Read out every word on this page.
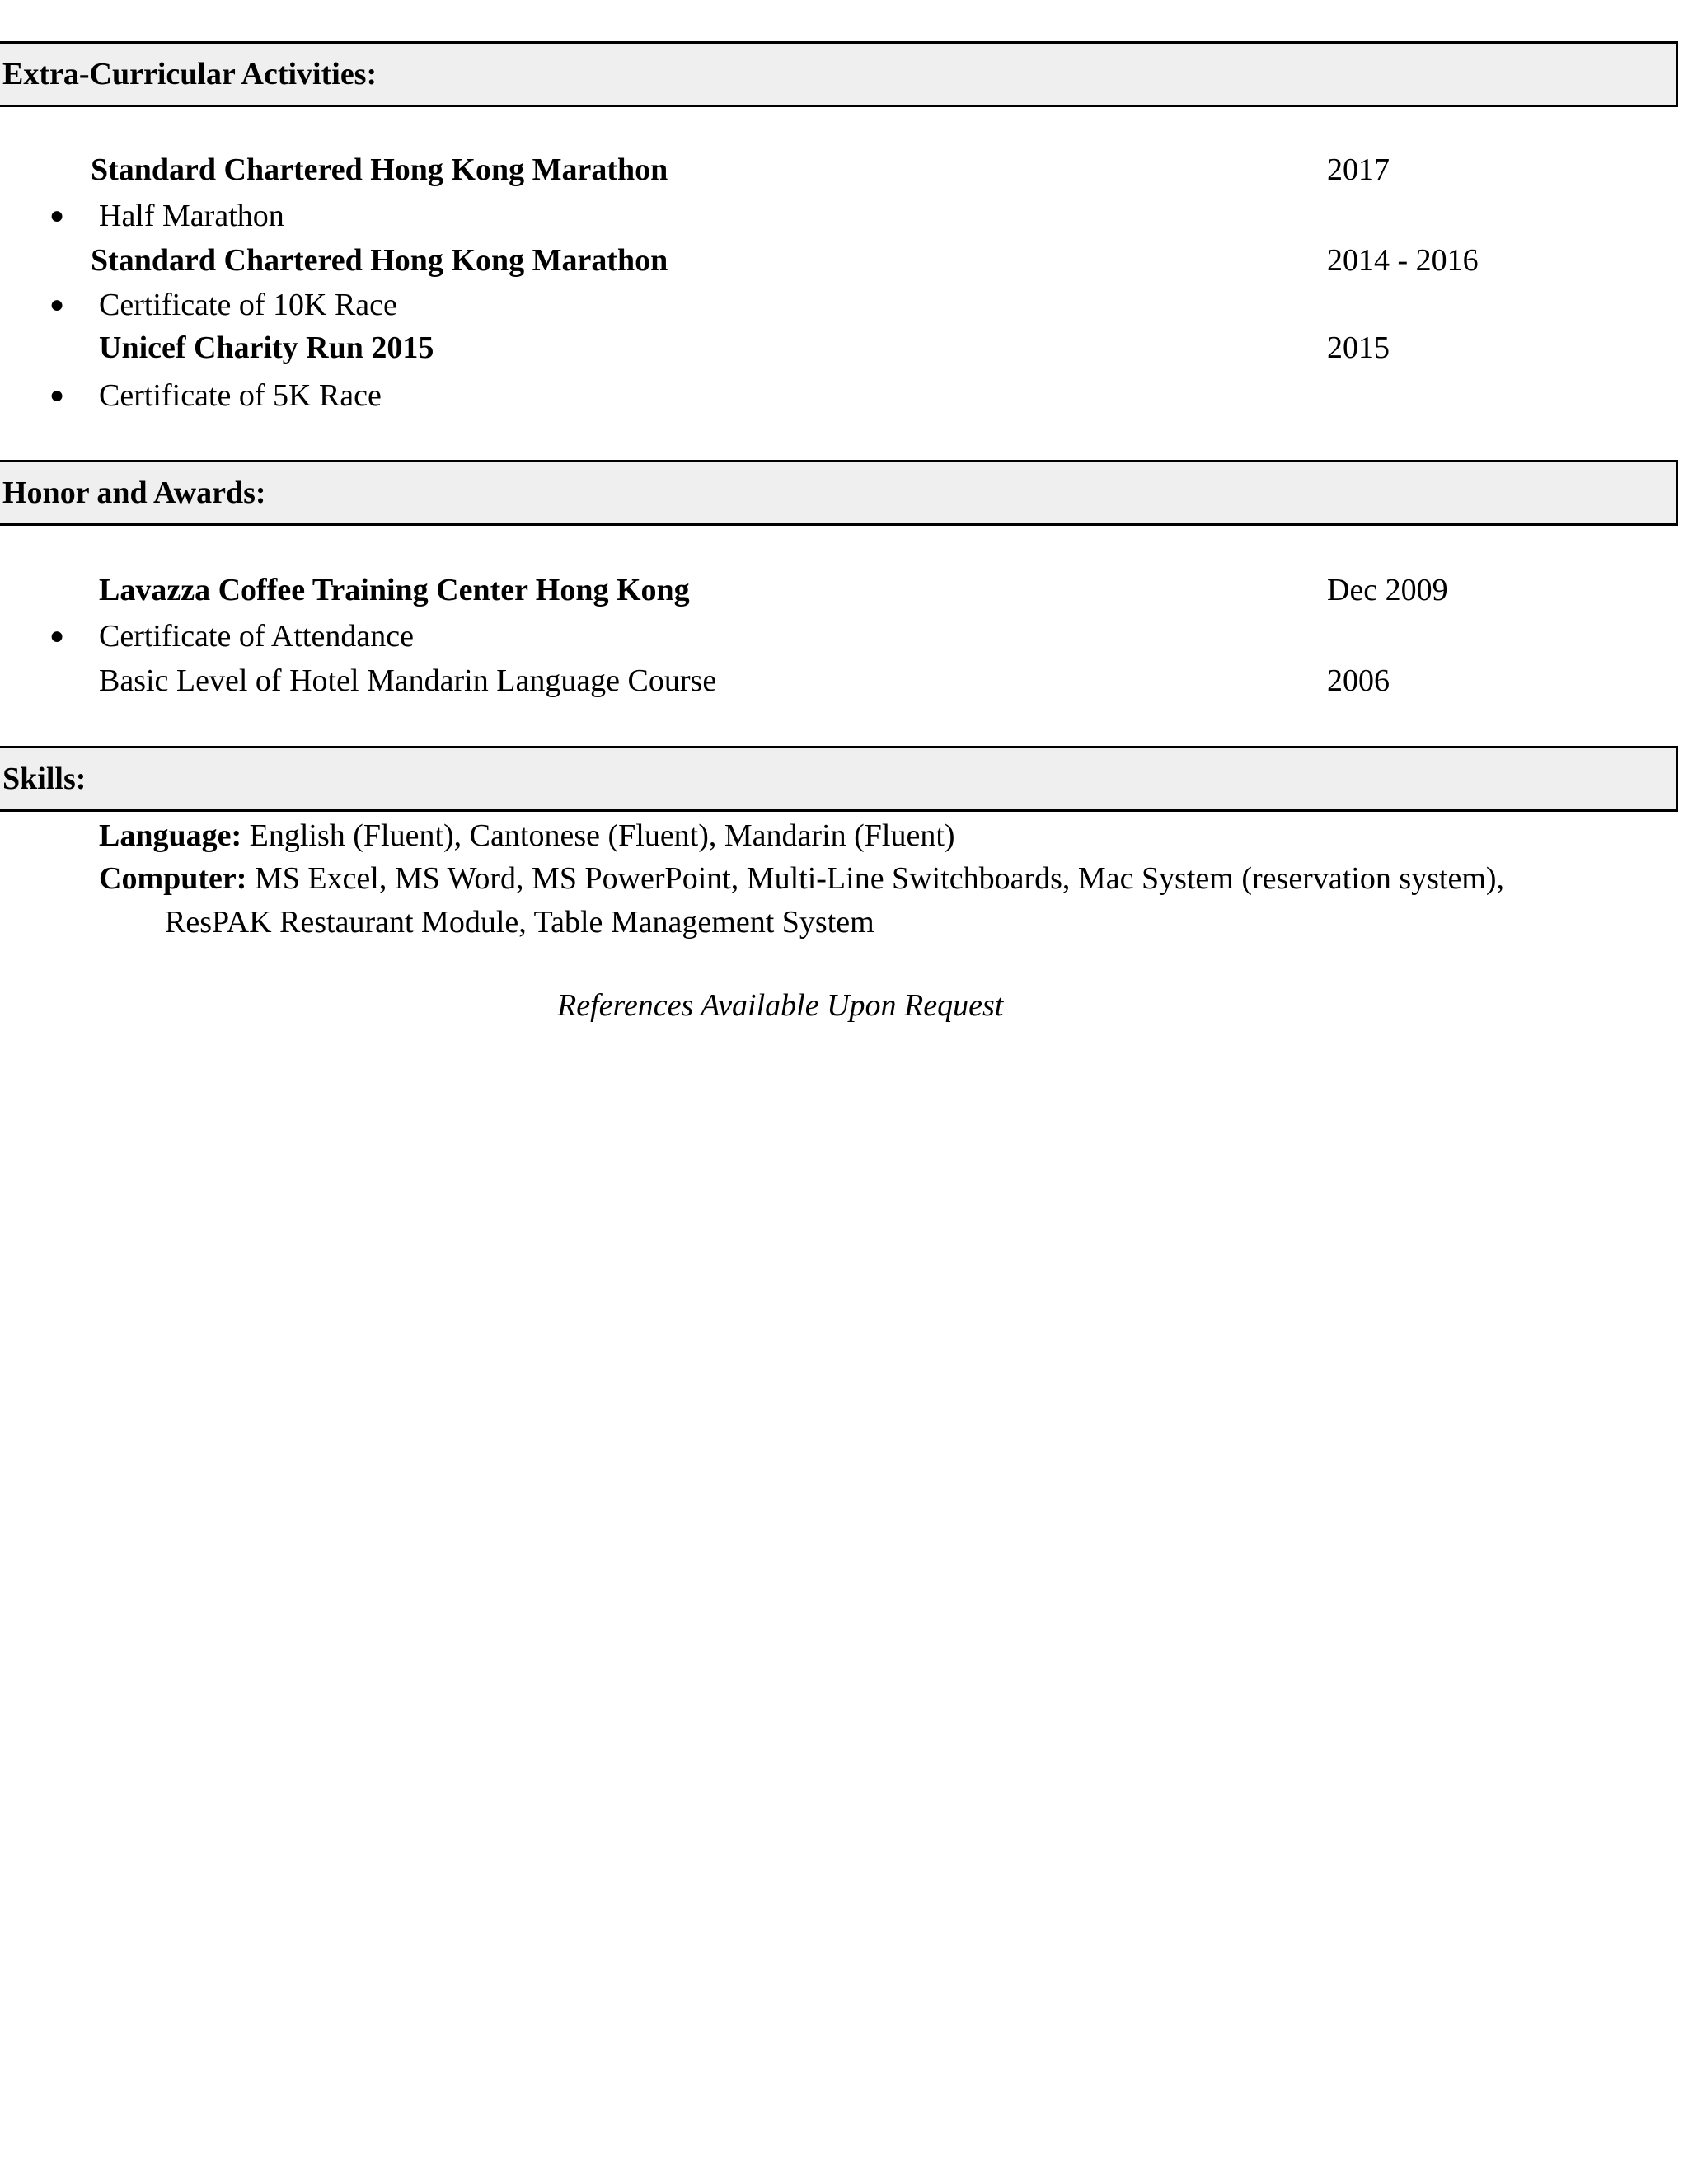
Extra-Curricular Activities:
Standard Chartered Hong Kong Marathon	2017
● Half Marathon
Standard Chartered Hong Kong Marathon	2014 - 2016
● Certificate of 10K Race
Unicef Charity Run 2015	2015
● Certificate of 5K Race
Honor and Awards:
Lavazza Coffee Training Center Hong Kong	Dec 2009
● Certificate of Attendance
Basic Level of Hotel Mandarin Language Course	2006
Skills:
Language: English (Fluent), Cantonese (Fluent), Mandarin (Fluent)
Computer: MS Excel, MS Word, MS PowerPoint, Multi-Line Switchboards, Mac System (reservation system),
ResPAK Restaurant Module, Table Management System
References Available Upon Request
